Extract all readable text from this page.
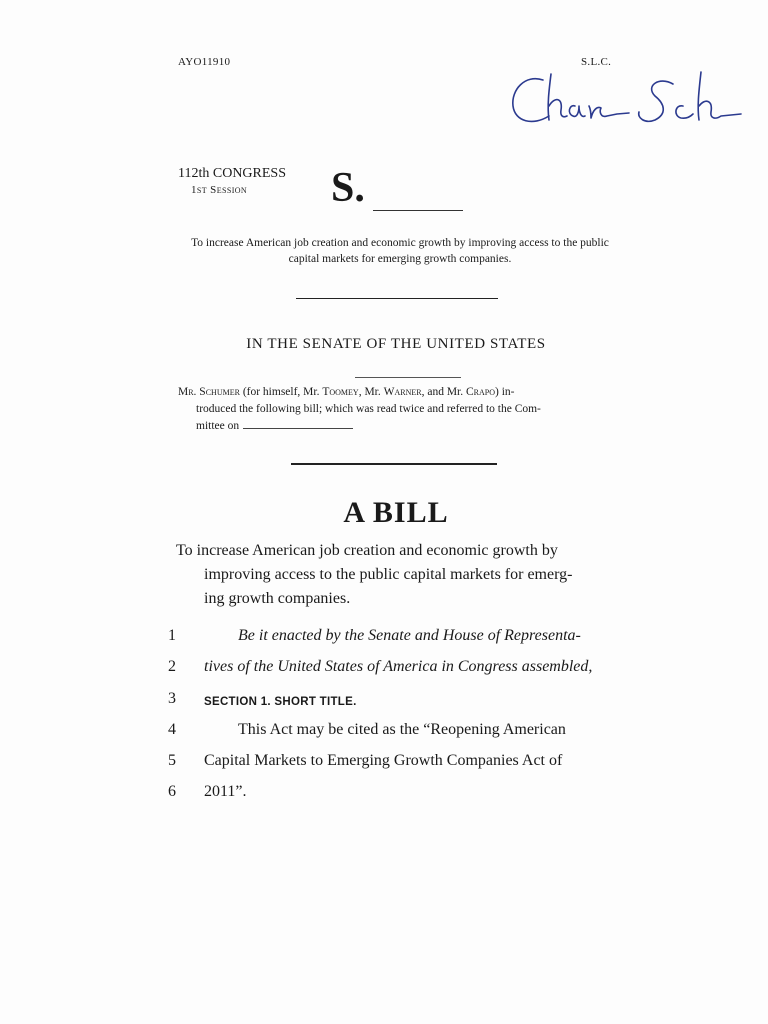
AYO11910	S.L.C.
112th CONGRESS
1st Session S.
To increase American job creation and economic growth by improving access to the public capital markets for emerging growth companies.
IN THE SENATE OF THE UNITED STATES
Mr. Schumer (for himself, Mr. Toomey, Mr. Warner, and Mr. Crapo) in-
troduced the following bill; which was read twice and referred to the Com-
mittee on
A BILL
To increase American job creation and economic growth by
improving access to the public capital markets for emerg-
ing growth companies.
1	Be it enacted by the Senate and House of Representa-
2	tives of the United States of America in Congress assembled,
3	SECTION 1. SHORT TITLE.
4	This Act may be cited as the “Reopening American
5	Capital Markets to Emerging Growth Companies Act of
6	2011”.
